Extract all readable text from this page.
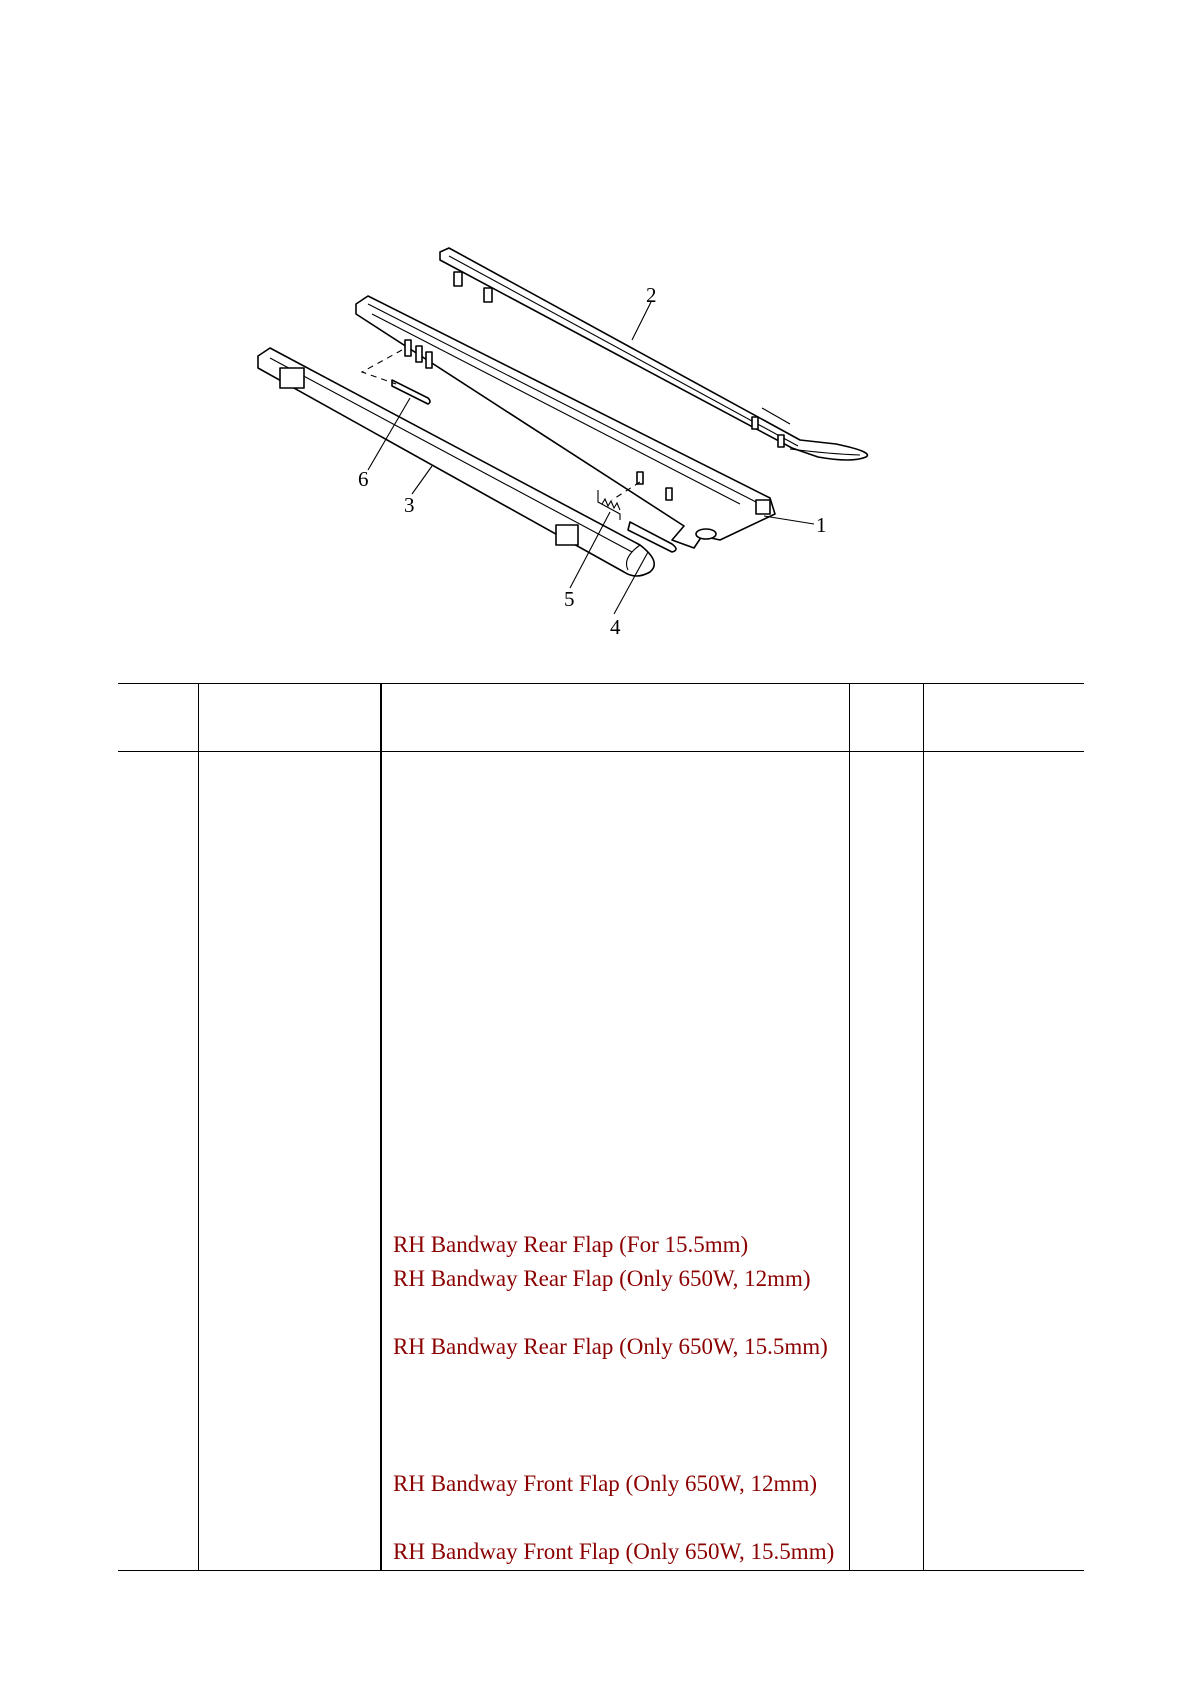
1
2
3
4
5
6
RH Bandway Rear Flap (For 15.5mm)
RH Bandway Rear Flap (Only 650W, 12mm)
RH Bandway Rear Flap (Only 650W, 15.5mm)
RH Bandway Front Flap (Only 650W, 12mm)
RH Bandway Front Flap (Only 650W, 15.5mm)
